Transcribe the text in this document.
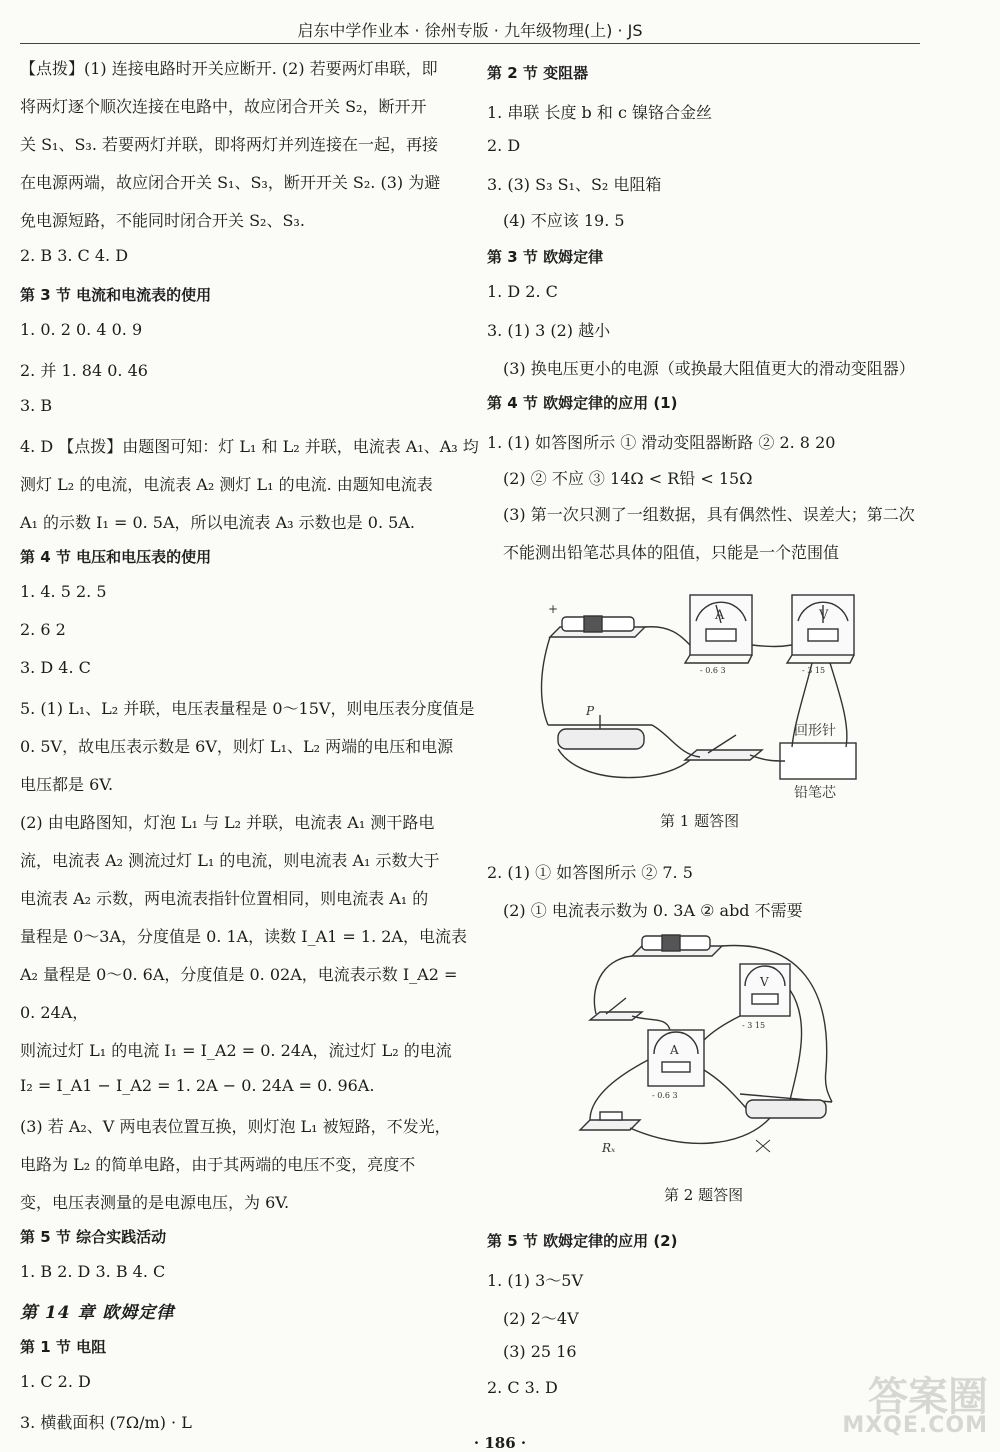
启东中学作业本 · 徐州专版 · 九年级物理(上) · JS
【点拨】(1) 连接电路时开关应断开. (2) 若要两灯串联，即
将两灯逐个顺次连接在电路中，故应闭合开关 S₂，断开开
关 S₁、S₃. 若要两灯并联，即将两灯并列连接在一起，再接
在电源两端，故应闭合开关 S₁、S₃，断开开关 S₂. (3) 为避
免电源短路，不能同时闭合开关 S₂、S₃.
2. B 3. C 4. D
第 3 节 电流和电流表的使用
1. 0. 2 0. 4 0. 9
2. 并 1. 84 0. 46
3. B
4. D 【点拨】由题图可知：灯 L₁ 和 L₂ 并联，电流表 A₁、A₃ 均
测灯 L₂ 的电流，电流表 A₂ 测灯 L₁ 的电流. 由题知电流表
A₁ 的示数 I₁ = 0. 5A，所以电流表 A₃ 示数也是 0. 5A.
第 4 节 电压和电压表的使用
1. 4. 5 2. 5
2. 6 2
3. D 4. C
5. (1) L₁、L₂ 并联，电压表量程是 0～15V，则电压表分度值是
0. 5V，故电压表示数是 6V，则灯 L₁、L₂ 两端的电压和电源
电压都是 6V.
(2) 由电路图知，灯泡 L₁ 与 L₂ 并联，电流表 A₁ 测干路电
流，电流表 A₂ 测流过灯 L₁ 的电流，则电流表 A₁ 示数大于
电流表 A₂ 示数，两电流表指针位置相同，则电流表 A₁ 的
量程是 0～3A，分度值是 0. 1A，读数 I_A1 = 1. 2A，电流表
A₂ 量程是 0～0. 6A，分度值是 0. 02A，电流表示数 I_A2 =
0. 24A，
则流过灯 L₁ 的电流 I₁ = I_A2 = 0. 24A，流过灯 L₂ 的电流
I₂ = I_A1 − I_A2 = 1. 2A − 0. 24A = 0. 96A.
(3) 若 A₂、V 两电表位置互换，则灯泡 L₁ 被短路，不发光，
电路为 L₂ 的简单电路，由于其两端的电压不变，亮度不
变，电压表测量的是电源电压，为 6V.
第 5 节 综合实践活动
1. B 2. D 3. B 4. C
第 14 章 欧姆定律
第 1 节 电阻
1. C 2. D
3. 横截面积 (7Ω/m) · L
第 2 节 变阻器
1. 串联 长度 b 和 c 镍铬合金丝
2. D
3. (3) S₃ S₁、S₂ 电阻箱
(4) 不应该 19. 5
第 3 节 欧姆定律
1. D 2. C
3. (1) 3 (2) 越小
(3) 换电压更小的电源（或换最大阻值更大的滑动变阻器）
第 4 节 欧姆定律的应用 (1)
1. (1) 如答图所示 ① 滑动变阻器断路 ② 2. 8 20
(2) ② 不应 ③ 14Ω < R铅 < 15Ω
(3) 第一次只测了一组数据，具有偶然性、误差大；第二次
不能测出铅笔芯具体的阻值，只能是一个范围值
2. (1) ① 如答图所示 ② 7. 5
(2) ① 电流表示数为 0. 3A ② abd 不需要
第 5 节 欧姆定律的应用 (2)
1. (1) 3～5V
(2) 2～4V
(3) 25 16
2. C 3. D
+	A
- 0.6 3
V
- 3 15
P
回形针
铅笔芯
第 1 题答图
V
- 3 15
A
- 0.6 3
Rₓ
第 2 题答图
· 186 ·
答案圈
MXQE.COM
